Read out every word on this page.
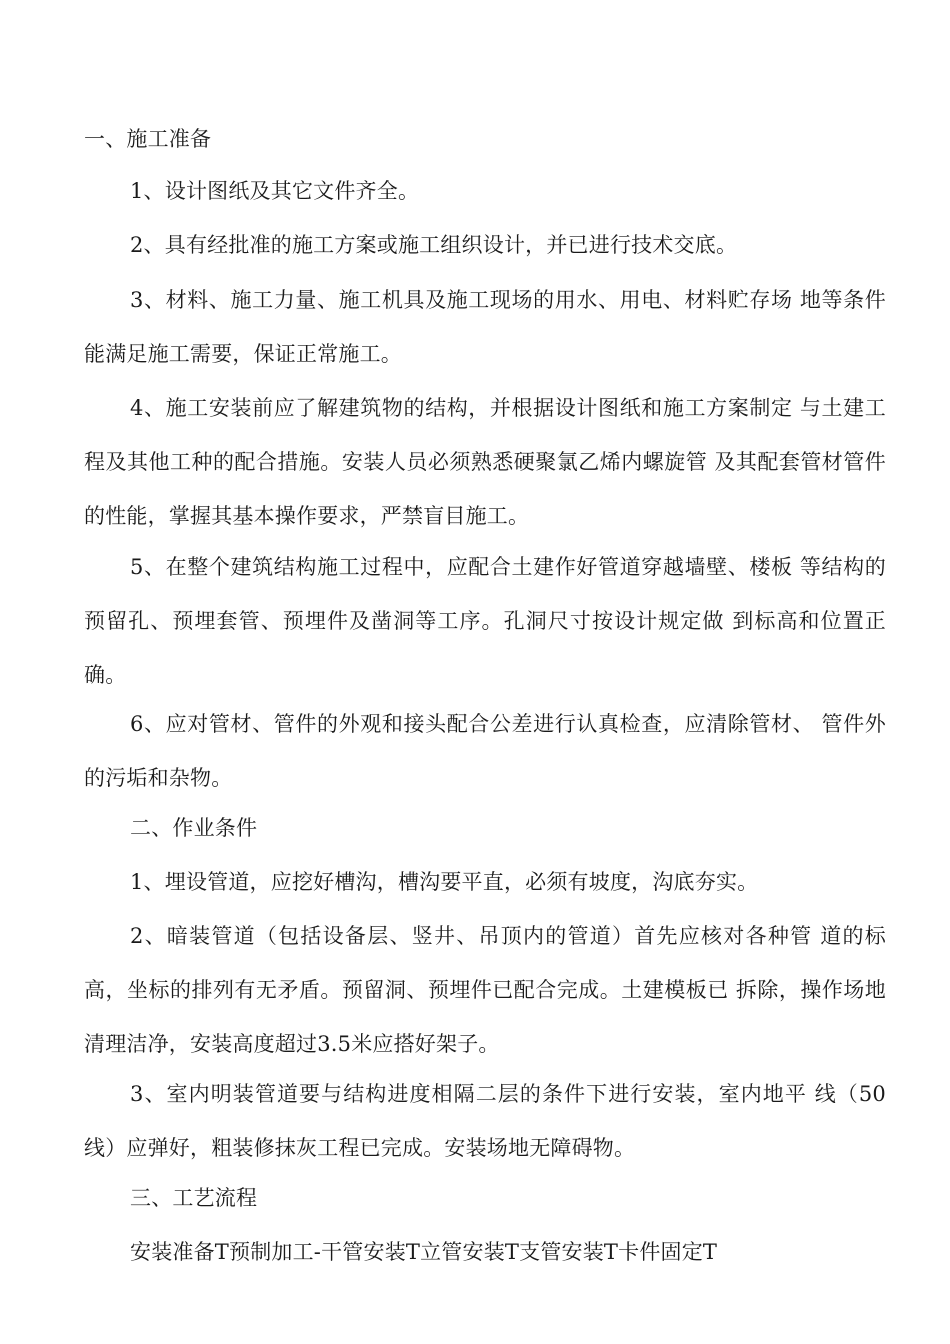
一、施工准备

1、设计图纸及其它文件齐全。

2、具有经批准的施工方案或施工组织设计，并已进行技术交底。

3、材料、施工力量、施工机具及施工现场的用水、用电、材料贮存场 地等条件能满足施工需要，保证正常施工。

4、施工安装前应了解建筑物的结构，并根据设计图纸和施工方案制定 与土建工程及其他工种的配合措施。安装人员必须熟悉硬聚氯乙烯内螺旋管 及其配套管材管件的性能，掌握其基本操作要求，严禁盲目施工。

5、在整个建筑结构施工过程中，应配合土建作好管道穿越墙壁、楼板 等结构的预留孔、预埋套管、预埋件及凿洞等工序。孔洞尺寸按设计规定做 到标高和位置正确。

6、应对管材、管件的外观和接头配合公差进行认真检查，应清除管材、 管件外的污垢和杂物。

二、作业条件

1、埋设管道，应挖好槽沟，槽沟要平直，必须有坡度，沟底夯实。

2、暗装管道（包括设备层、竖井、吊顶内的管道）首先应核对各种管 道的标高，坐标的排列有无矛盾。预留洞、预埋件已配合完成。土建模板已 拆除，操作场地清理洁净，安装高度超过3.5米应搭好架子。

3、室内明装管道要与结构进度相隔二层的条件下进行安装，室内地平 线（50线）应弹好，粗装修抹灰工程已完成。安装场地无障碍物。

三、工艺流程

安装准备T预制加工-干管安装T立管安装T支管安装T卡件固定T
